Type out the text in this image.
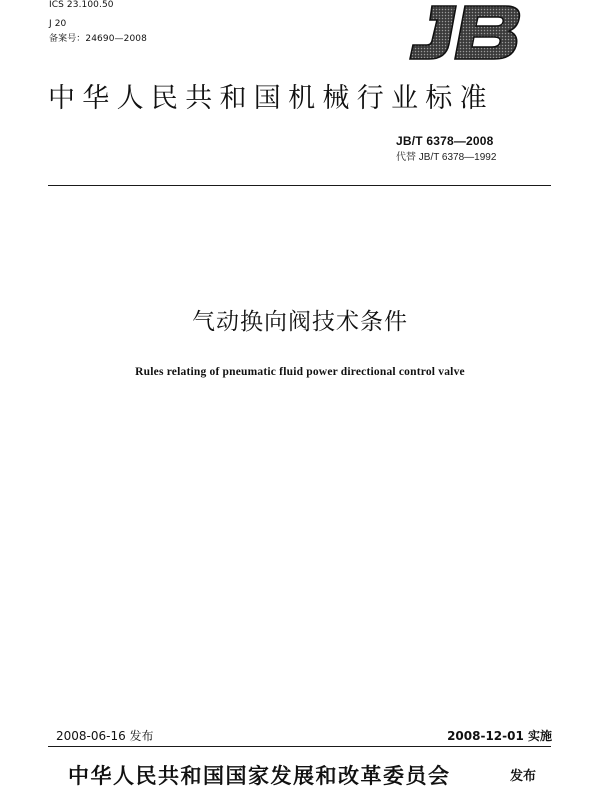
ICS 23.100.50
J 20
备案号：24690—2008
中华人民共和国机械行业标准
JB/T 6378—2008
代替 JB/T 6378—1992
气动换向阀技术条件
Rules relating of pneumatic fluid power directional control valve
2008-06-16 发布	2008-12-01 实施
中华人民共和国国家发展和改革委员会	发布
